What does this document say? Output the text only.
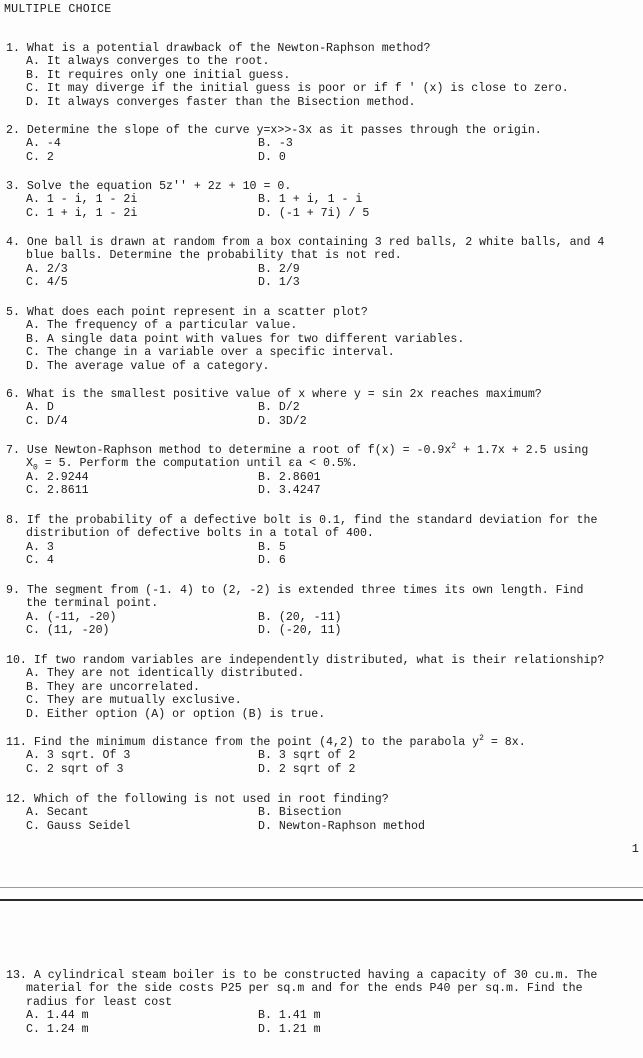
MULTIPLE CHOICE
1. What is a potential drawback of the Newton-Raphson method?
A. It always converges to the root.
B. It requires only one initial guess.
C. It may diverge if the initial guess is poor or if f ' (x) is close to zero.
D. It always converges faster than the Bisection method.
2. Determine the slope of the curve y=x>>-3x as it passes through the origin.
A. -4	B. -3
C. 2	D. 0
3. Solve the equation 5z'' + 2z + 10 = 0.
A. 1 - i, 1 - 2i	B. 1 + i, 1 - i
C. 1 + i, 1 - 2i	D. (-1 + 7i) / 5
4. One ball is drawn at random from a box containing 3 red balls, 2 white balls, and 4
blue balls. Determine the probability that is not red.
A. 2/3	B. 2/9
C. 4/5	D. 1/3
5. What does each point represent in a scatter plot?
A. The frequency of a particular value.
B. A single data point with values for two different variables.
C. The change in a variable over a specific interval.
D. The average value of a category.
6. What is the smallest positive value of x where y = sin 2x reaches maximum?
A. D	B. D/2
C. D/4	D. 3D/2
7. Use Newton-Raphson method to determine a root of $f(x) = -0.9x^2 + 1.7x + 2.5$ using
$X_0 = 5$. Perform the computation until εa < 0.5%.
A. 2.9244	B. 2.8601
C. 2.8611	D. 3.4247
8. If the probability of a defective bolt is 0.1, find the standard deviation for the
distribution of defective bolts in a total of 400.
A. 3	B. 5
C. 4	D. 6
9. The segment from (-1. 4) to (2, -2) is extended three times its own length. Find
the terminal point.
A. (-11, -20)	B. (20, -11)
C. (11, -20)	D. (-20, 11)
10. If two random variables are independently distributed, what is their relationship?
A. They are not identically distributed.
B. They are uncorrelated.
C. They are mutually exclusive.
D. Either option (A) or option (B) is true.
11. Find the minimum distance from the point (4,2) to the parabola $y^2 = 8x$.
A. 3 sqrt. Of 3	B. 3 sqrt of 2
C. 2 sqrt of 3	D. 2 sqrt of 2
12. Which of the following is not used in root finding?
A. Secant	B. Bisection
C. Gauss Seidel	D. Newton-Raphson method
1
13. A cylindrical steam boiler is to be constructed having a capacity of 30 cu.m. The
material for the side costs P25 per sq.m and for the ends P40 per sq.m. Find the
radius for least cost
A. 1.44 m	B. 1.41 m
C. 1.24 m	D. 1.21 m
